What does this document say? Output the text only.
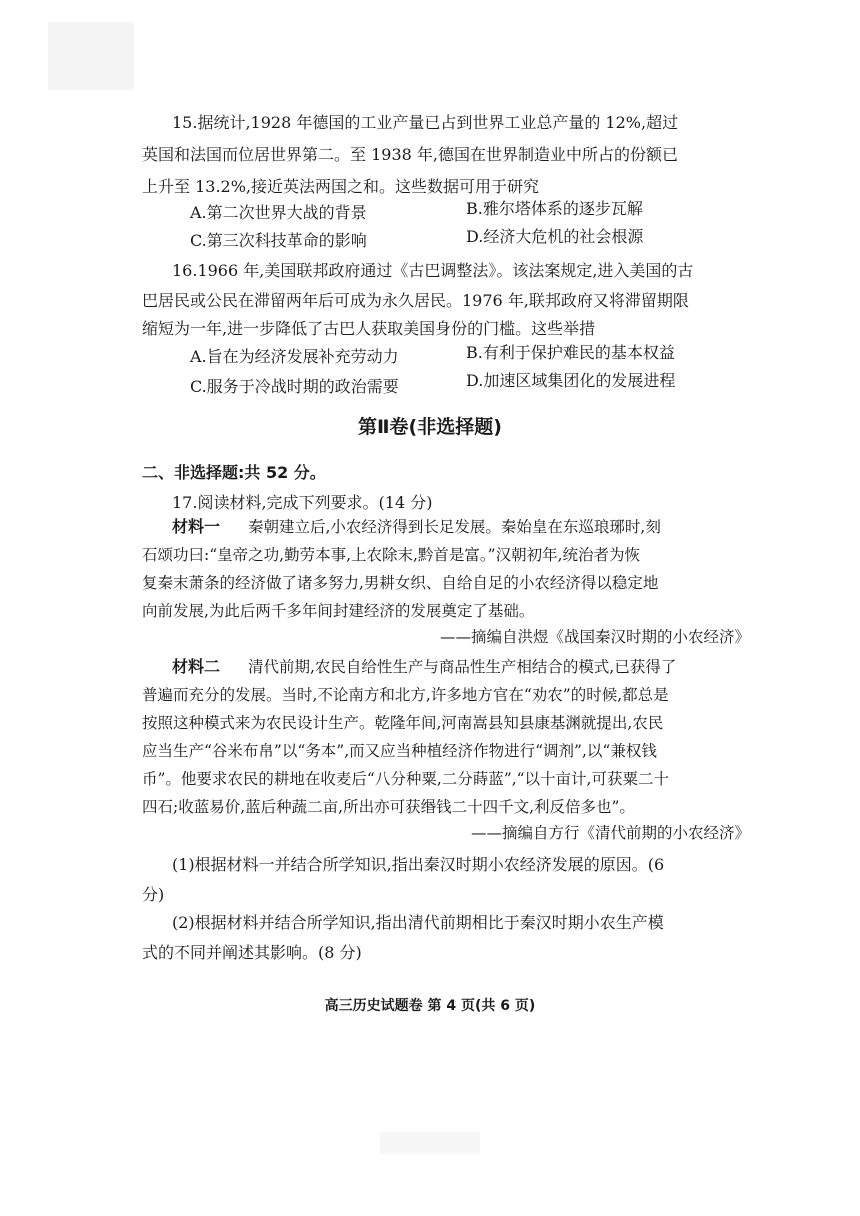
15.据统计,1928 年德国的工业产量已占到世界工业总产量的 12%,超过
英国和法国而位居世界第二。至 1938 年,德国在世界制造业中所占的份额已
上升至 13.2%,接近英法两国之和。这些数据可用于研究
A.第二次世界大战的背景	B.雅尔塔体系的逐步瓦解
C.第三次科技革命的影响	D.经济大危机的社会根源
16.1966 年,美国联邦政府通过《古巴调整法》。该法案规定,进入美国的古
巴居民或公民在滞留两年后可成为永久居民。1976 年,联邦政府又将滞留期限
缩短为一年,进一步降低了古巴人获取美国身份的门槛。这些举措
A.旨在为经济发展补充劳动力	B.有利于保护难民的基本权益
C.服务于冷战时期的政治需要	D.加速区域集团化的发展进程
第Ⅱ卷(非选择题)
二、非选择题:共 52 分。
17.阅读材料,完成下列要求。(14 分)
材料一 秦朝建立后,小农经济得到长足发展。秦始皇在东巡琅琊时,刻
石颂功曰:“皇帝之功,勤劳本事,上农除末,黔首是富。”汉朝初年,统治者为恢
复秦末萧条的经济做了诸多努力,男耕女织、自给自足的小农经济得以稳定地
向前发展,为此后两千多年间封建经济的发展奠定了基础。
——摘编自洪煜《战国秦汉时期的小农经济》
材料二 清代前期,农民自给性生产与商品性生产相结合的模式,已获得了
普遍而充分的发展。当时,不论南方和北方,许多地方官在“劝农”的时候,都总是
按照这种模式来为农民设计生产。乾隆年间,河南嵩县知县康基渊就提出,农民
应当生产“谷米布帛”以“务本”,而又应当种植经济作物进行“调剂”,以“兼权钱
币”。他要求农民的耕地在收麦后“八分种粟,二分蒔蓝”,“以十亩计,可获粟二十
四石;收蓝易价,蓝后种蔬二亩,所出亦可获缗钱二十四千文,利反倍多也”。
——摘编自方行《清代前期的小农经济》
(1)根据材料一并结合所学知识,指出秦汉时期小农经济发展的原因。(6
分)
(2)根据材料并结合所学知识,指出清代前期相比于秦汉时期小农生产模
式的不同并阐述其影响。(8 分)
高三历史试题卷 第 4 页(共 6 页)
